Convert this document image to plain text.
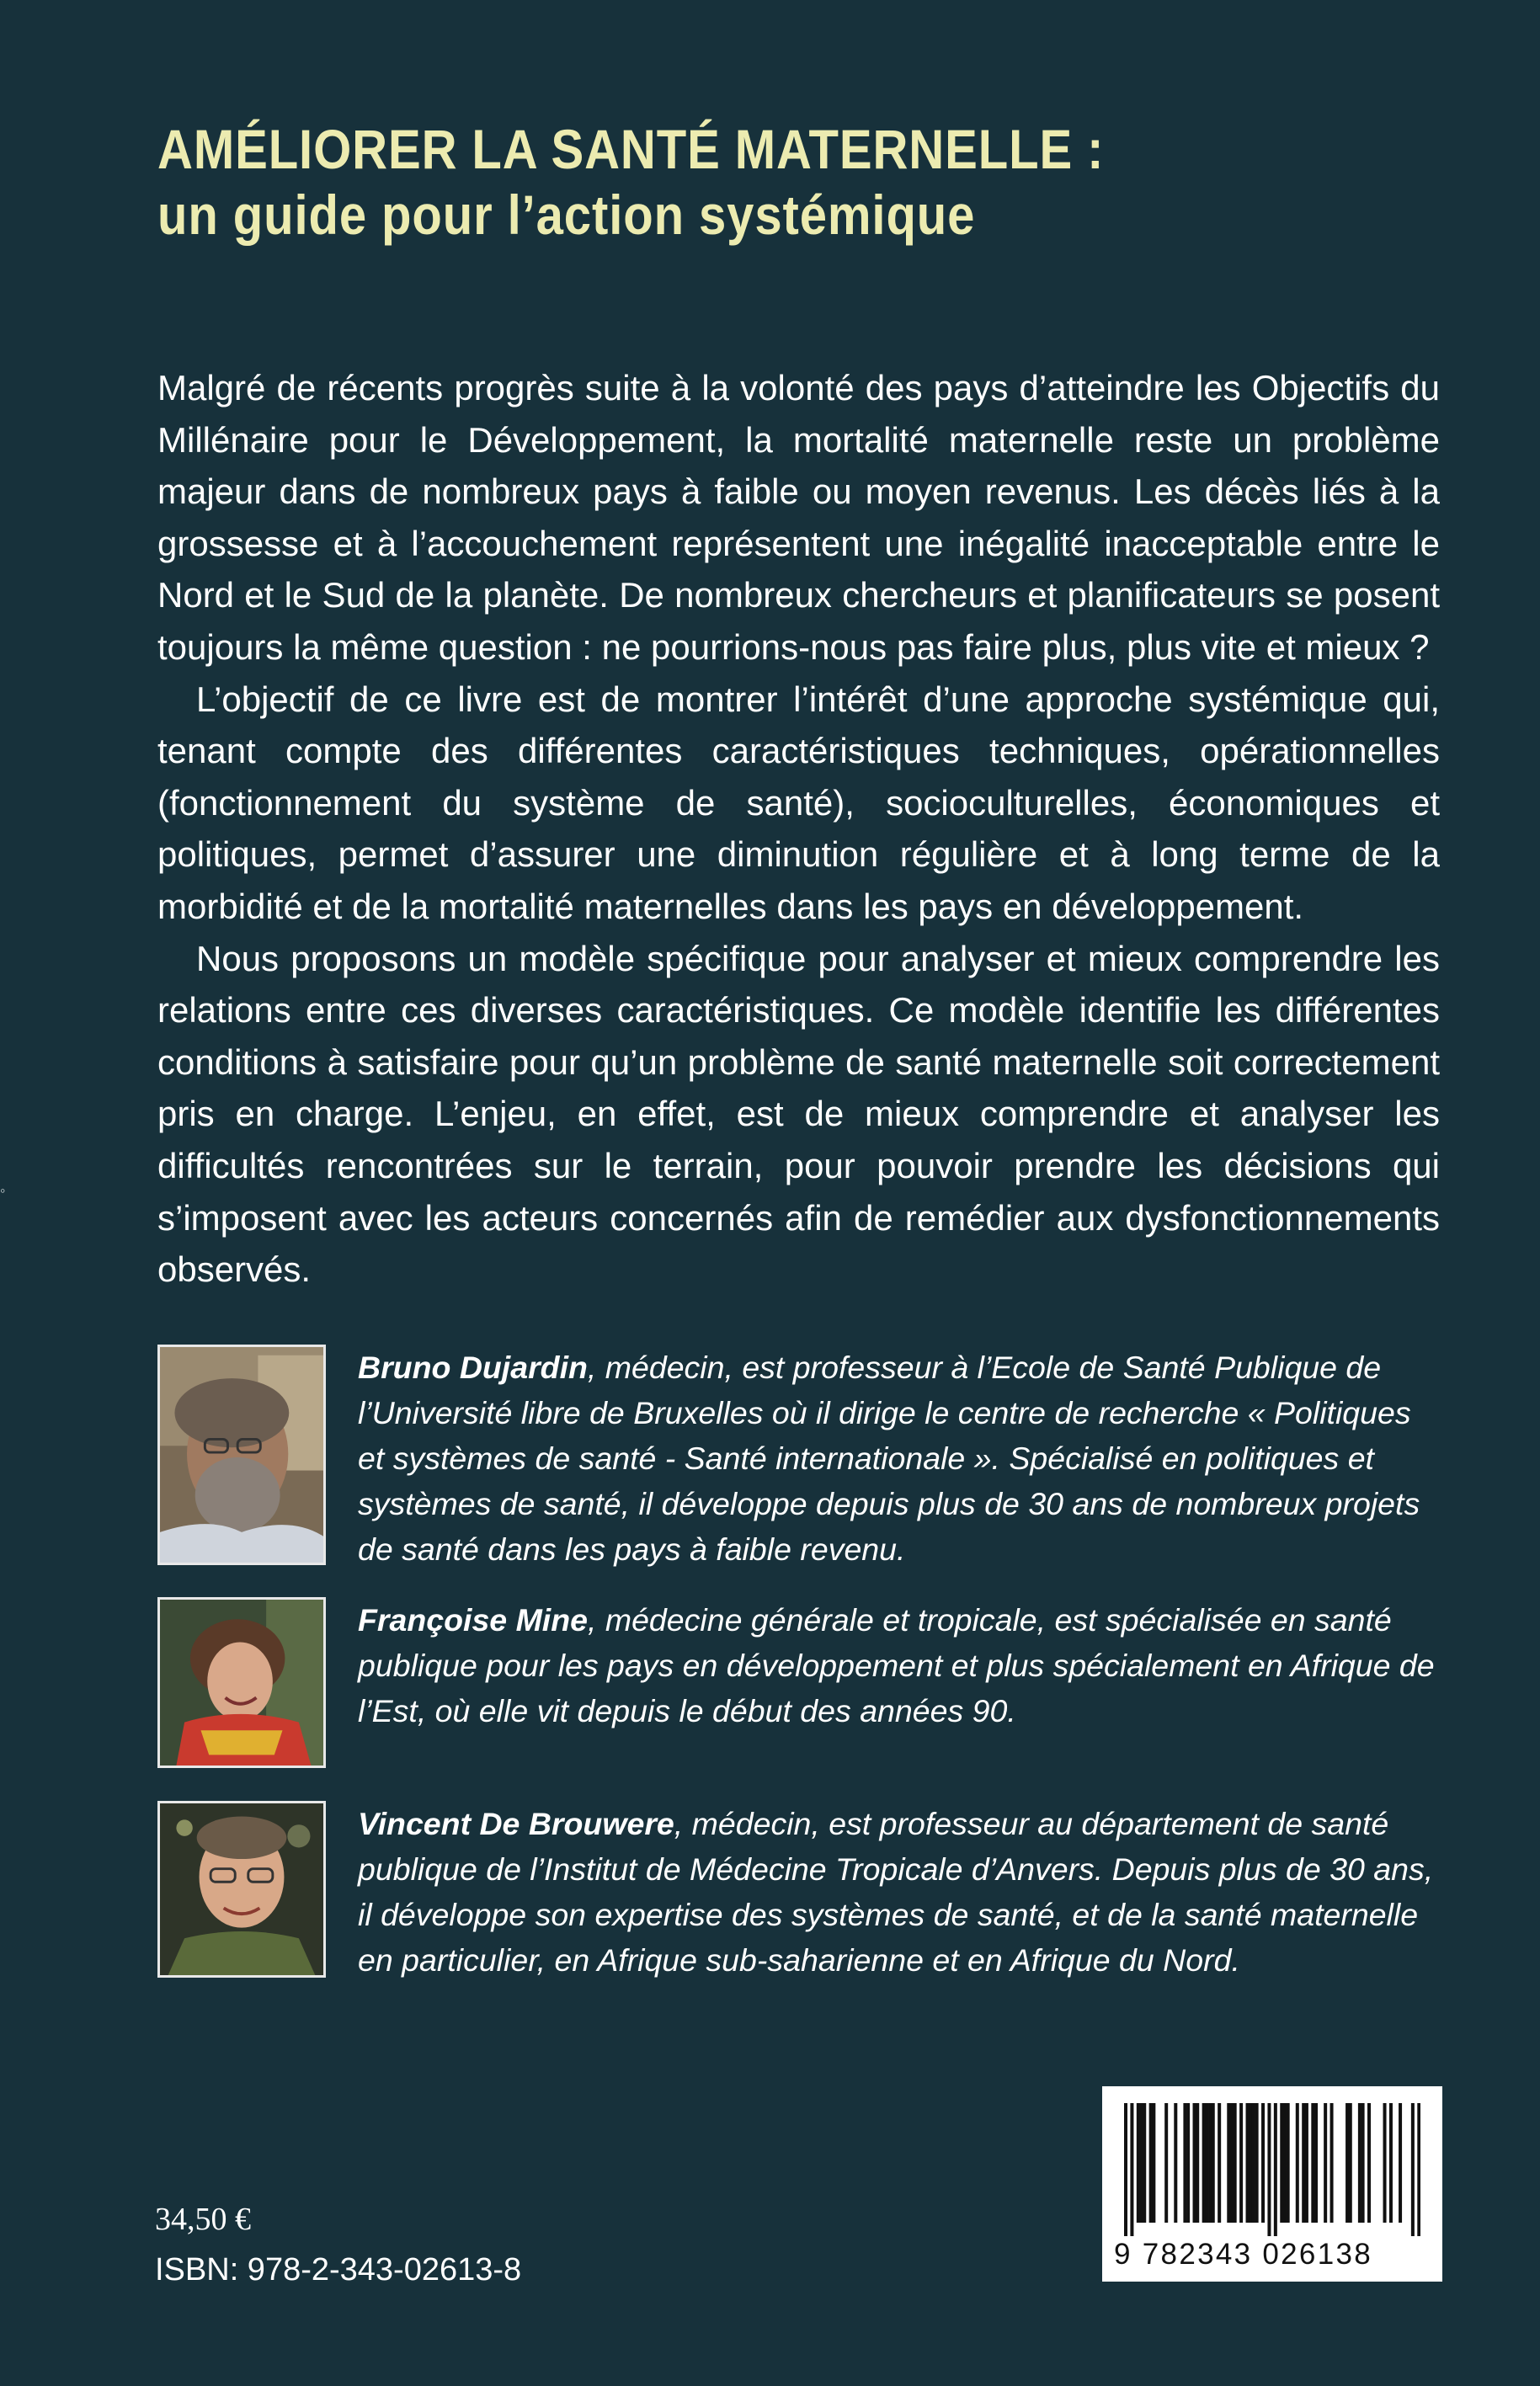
AMÉLIORER LA SANTÉ MATERNELLE :
un guide pour l’action systémique

Malgré de récents progrès suite à la volonté des pays d’atteindre les Objectifs du Millénaire pour le Développement, la mortalité maternelle reste un problème majeur dans de nombreux pays à faible ou moyen revenus. Les décès liés à la grossesse et à l’accouchement représentent une inégalité inacceptable entre le Nord et le Sud de la planète. De nombreux chercheurs et planificateurs se posent toujours la même question : ne pourrions-nous pas faire plus, plus vite et mieux ?

L’objectif de ce livre est de montrer l’intérêt d’une approche systémique qui, tenant compte des différentes caractéristiques techniques, opérationnelles (fonctionnement du système de santé), socioculturelles, économiques et politiques, permet d’assurer une diminution régulière et à long terme de la morbidité et de la mortalité maternelles dans les pays en développement.

Nous proposons un modèle spécifique pour analyser et mieux comprendre les relations entre ces diverses caractéristiques. Ce modèle identifie les différentes conditions à satisfaire pour qu’un problème de santé maternelle soit correctement pris en charge. L’enjeu, en effet, est de mieux comprendre et analyser les difficultés rencontrées sur le terrain, pour pouvoir prendre les décisions qui s’imposent avec les acteurs concernés afin de remédier aux dysfonctionnements observés.

Bruno Dujardin, médecin, est professeur à l’Ecole de Santé Publique de l’Université libre de Bruxelles où il dirige le centre de recherche « Politiques et systèmes de santé - Santé internationale ». Spécialisé en politiques et systèmes de santé, il développe depuis plus de 30 ans de nombreux projets de santé dans les pays à faible revenu.
Françoise Mine, médecine générale et tropicale, est spécialisée en santé publique pour les pays en développement et plus spécialement en Afrique de l’Est, où elle vit depuis le début des années 90.
Vincent De Brouwere, médecin, est professeur au département de santé publique de l’Institut de Médecine Tropicale d’Anvers. Depuis plus de 30 ans, il développe son expertise des systèmes de santé, et de la santé maternelle en particulier, en Afrique sub-saharienne et en Afrique du Nord.
34,50 €
ISBN: 978-2-343-02613-8	9 782343 026138
◦
